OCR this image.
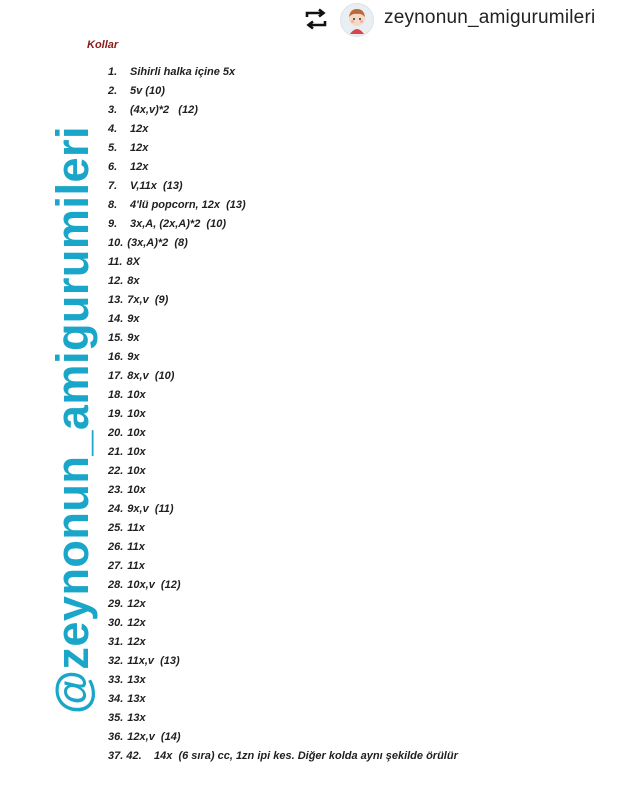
zeynonun_amigurumileri
Kollar
@zeynonun_amigurumileri
1. Sihirli halka içine 5x
2. 5v (10)
3. (4x,v)*2   (12)
4. 12x
5. 12x
6. 12x
7. V,11x  (13)
8. 4'lü popcorn, 12x  (13)
9. 3x,A, (2x,A)*2  (10)
10. (3x,A)*2  (8)
11. 8X
12. 8x
13. 7x,v  (9)
14. 9x
15. 9x
16. 9x
17. 8x,v  (10)
18. 10x
19. 10x
20. 10x
21. 10x
22. 10x
23. 10x
24. 9x,v  (11)
25. 11x
26. 11x
27. 11x
28. 10x,v  (12)
29. 12x
30. 12x
31. 12x
32. 11x,v  (13)
33. 13x
34. 13x
35. 13x
36. 12x,v  (14)
37. 42. 14x  (6 sıra) cc, 1zn ipi kes. Diğer kolda aynı şekilde örülür
